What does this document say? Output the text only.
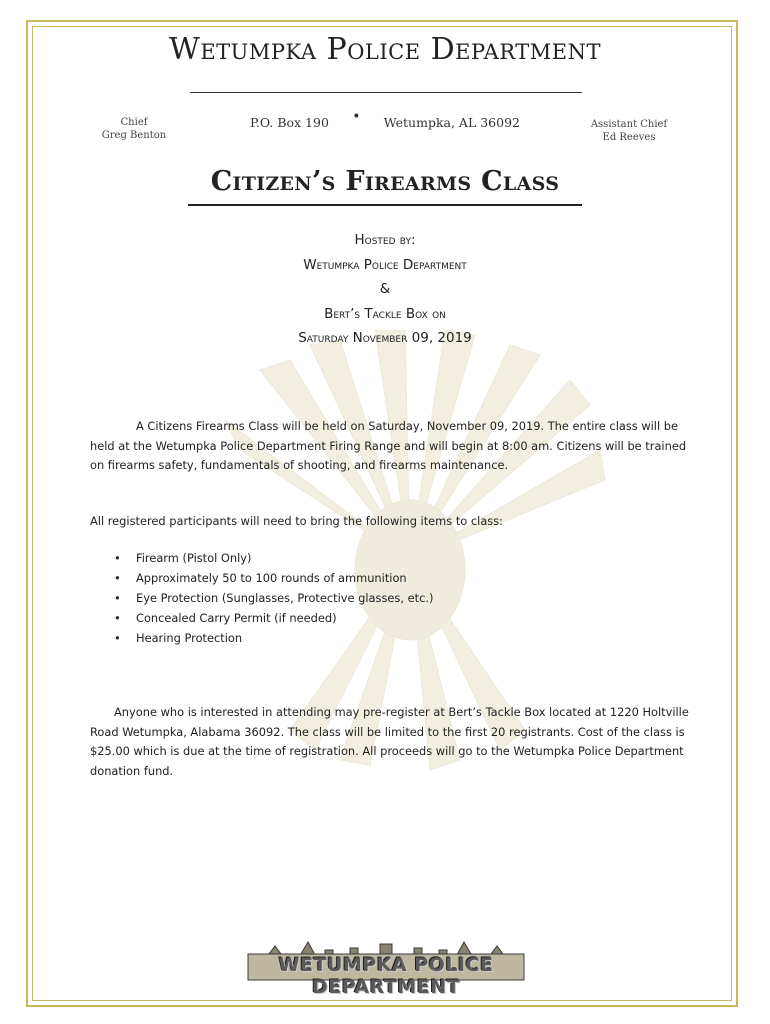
Wetumpka Police Department
Chief
Greg Benton
P.O. Box 190 • Wetumpka, AL 36092	Assistant Chief
Ed Reeves
Citizen’s Firearms Class
Hosted by:
Wetumpka Police Department
&
Bert’s Tackle Box on
Saturday November 09, 2019

A Citizens Firearms Class will be held on Saturday, November 09, 2019. The entire class will be held at the Wetumpka Police Department Firing Range and will begin at 8:00 am. Citizens will be trained on firearms safety, fundamentals of shooting, and firearms maintenance.

All registered participants will need to bring the following items to class:

• Firearm (Pistol Only)
• Approximately 50 to 100 rounds of ammunition
• Eye Protection (Sunglasses, Protective glasses, etc.)
• Concealed Carry Permit (if needed)
• Hearing Protection

Anyone who is interested in attending may pre-register at Bert’s Tackle Box located at 1220 Holtville Road Wetumpka, Alabama 36092. The class will be limited to the first 20 registrants. Cost of the class is $25.00 which is due at the time of registration. All proceeds will go to the Wetumpka Police Department donation fund.

WETUMPKA POLICE DEPARTMENT
